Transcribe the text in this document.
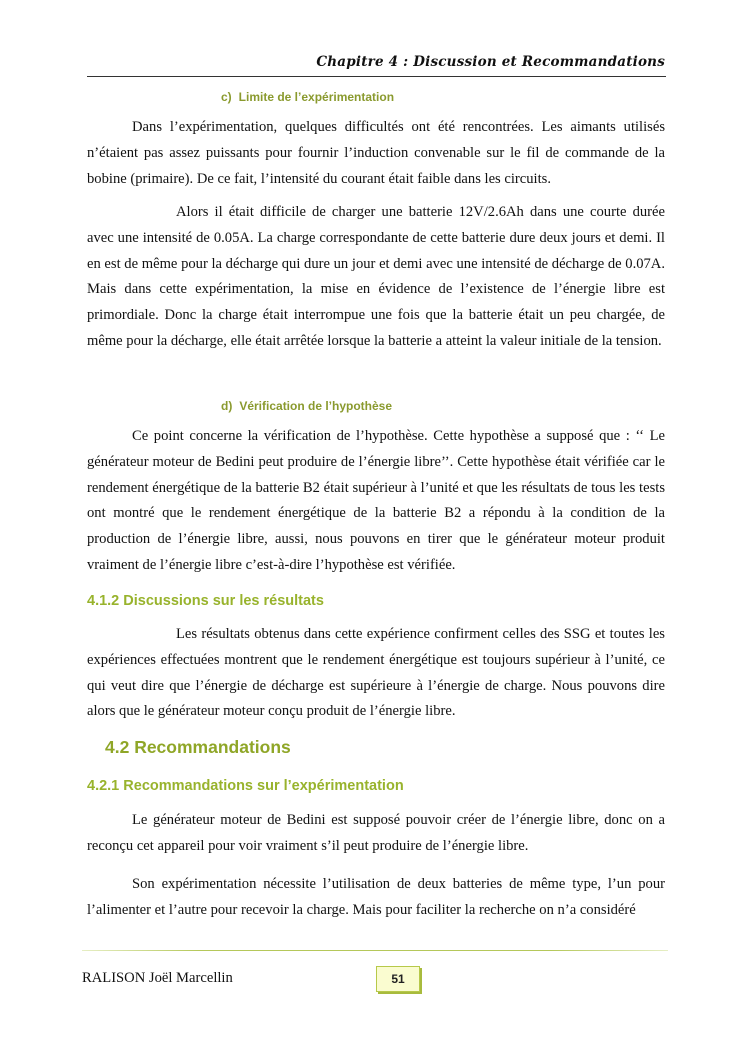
Chapitre 4 : Discussion et Recommandations
c) Limite de l’expérimentation

Dans l’expérimentation, quelques difficultés ont été rencontrées. Les aimants utilisés n’étaient pas assez puissants pour fournir l’induction convenable sur le fil de commande de la bobine (primaire). De ce fait, l’intensité du courant était faible dans les circuits.

Alors il était difficile de charger une batterie 12V/2.6Ah dans une courte durée avec une intensité de 0.05A. La charge correspondante de cette batterie dure deux jours et demi. Il en est de même pour la décharge qui dure un jour et demi avec une intensité de décharge de 0.07A. Mais dans cette expérimentation, la mise en évidence de l’existence de l’énergie libre est primordiale. Donc la charge était interrompue une fois que la batterie était un peu chargée, de même pour la décharge, elle était arrêtée lorsque la batterie a atteint la valeur initiale de la tension.

d) Vérification de l’hypothèse

Ce point concerne la vérification de l’hypothèse. Cette hypothèse a supposé que : ‘‘ Le générateur moteur de Bedini peut produire de l’énergie libre’’. Cette hypothèse était vérifiée car le rendement énergétique de la batterie B2 était supérieur à l’unité et que les résultats de tous les tests ont montré que le rendement énergétique de la batterie B2 a répondu à la condition de la production de l’énergie libre, aussi, nous pouvons en tirer que le générateur moteur produit vraiment de l’énergie libre c’est-à-dire l’hypothèse est vérifiée.

4.1.2 Discussions sur les résultats

Les résultats obtenus dans cette expérience confirment celles des SSG et toutes les expériences effectuées montrent que le rendement énergétique est toujours supérieur à l’unité, ce qui veut dire que l’énergie de décharge est supérieure à l’énergie de charge. Nous pouvons dire alors que le générateur moteur conçu produit de l’énergie libre.

4.2 Recommandations
4.2.1 Recommandations sur l’expérimentation

Le générateur moteur de Bedini est supposé pouvoir créer de l’énergie libre, donc on a reconçu cet appareil pour voir vraiment s’il peut produire de l’énergie libre.

Son expérimentation nécessite l’utilisation de deux batteries de même type, l’un pour l’alimenter et l’autre pour recevoir la charge. Mais pour faciliter la recherche on n’a considéré

RALISON Joël Marcellin	51
